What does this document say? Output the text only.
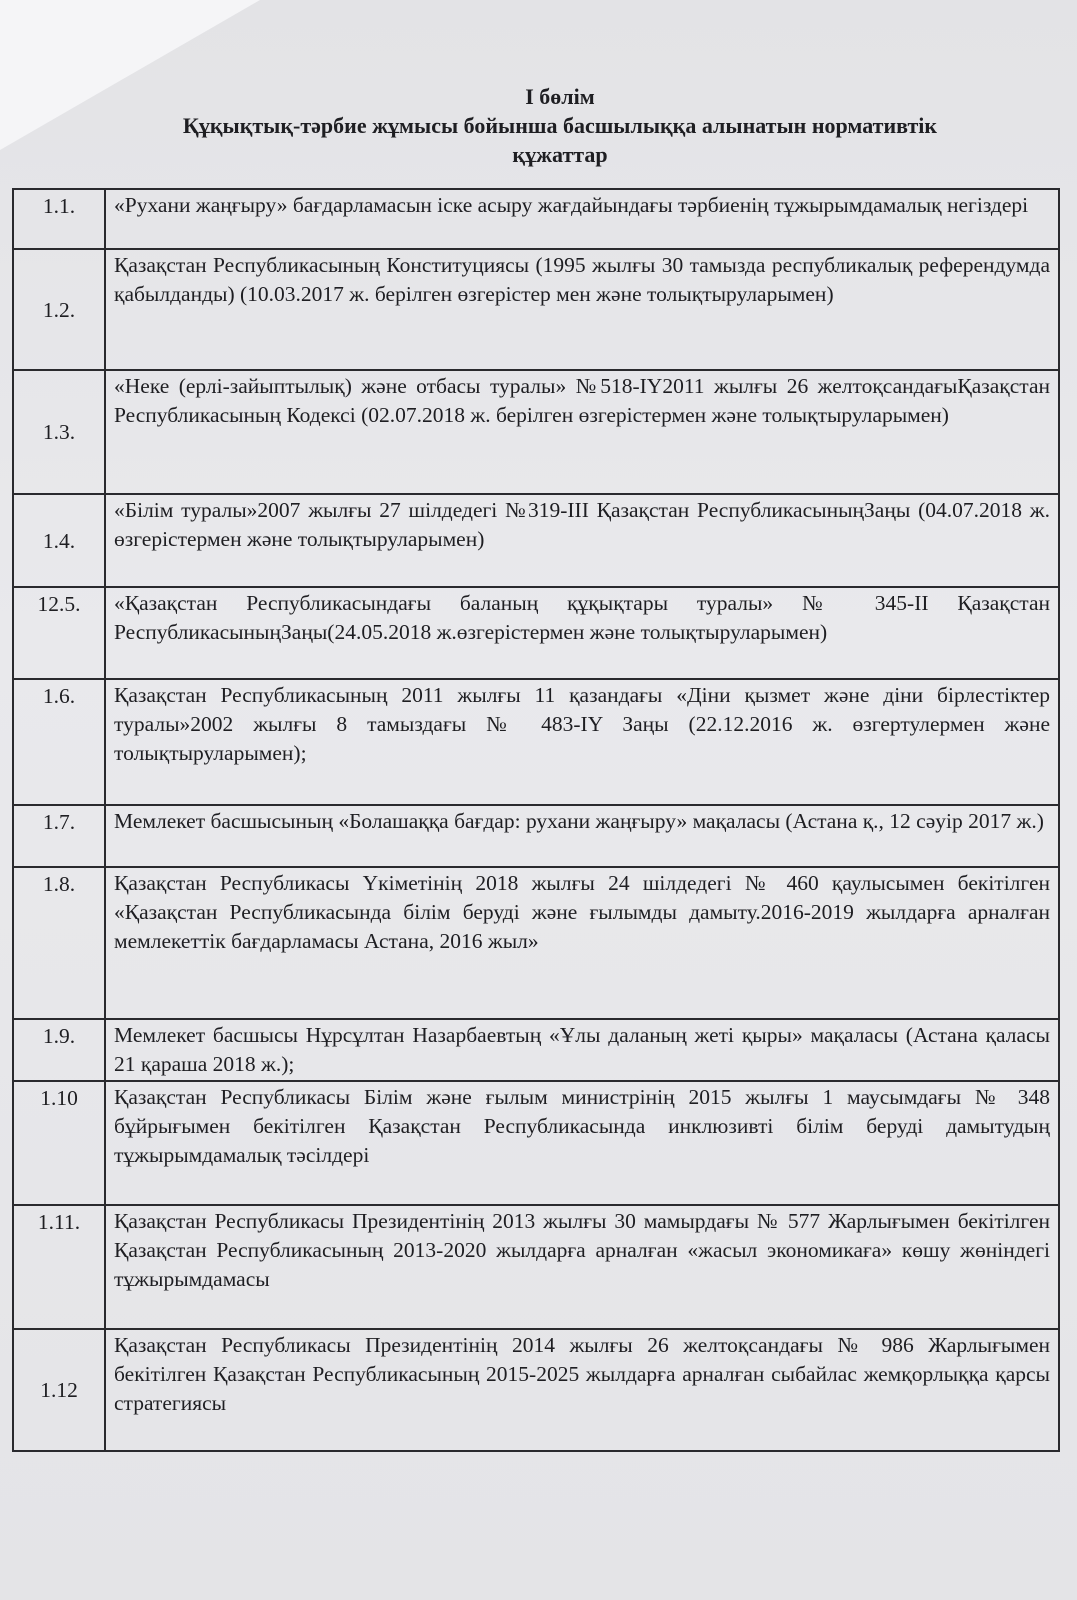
I бөлім
Құқықтық-тәрбие жұмысы бойынша басшылыққа алынатын нормативтік
құжаттар
1.1.	«Рухани жаңғыру» бағдарламасын іске асыру жағдайындағы тәрбиенің тұжырымдамалық негіздері
1.2.	Қазақстан Республикасының Конституциясы (1995 жылғы 30 тамызда республикалық референдумда қабылданды) (10.03.2017 ж. берілген өзгерістер мен және толықтыруларымен)
1.3.	«Неке (ерлі-зайыптылық) және отбасы туралы» №518-IY2011 жылғы 26 желтоқсандағыҚазақстан Республикасының Кодексі (02.07.2018 ж. берілген өзгерістермен және толықтыруларымен)
1.4.	«Білім туралы»2007 жылғы 27 шілдедегі №319-ІІІ Қазақстан РеспубликасыныңЗаңы (04.07.2018 ж. өзгерістермен және толықтыруларымен)
12.5.	«Қазақстан Республикасындағы баланың құқықтары туралы» № 345-ІІ Қазақстан РеспубликасыныңЗаңы(24.05.2018 ж.өзгерістермен және толықтыруларымен)
1.6.	Қазақстан Республикасының 2011 жылғы 11 қазандағы «Діни қызмет және діни бірлестіктер туралы»2002 жылғы 8 тамыздағы № 483-IY Заңы (22.12.2016 ж. өзгертулермен және толықтыруларымен);
1.7.	Мемлекет басшысының «Болашаққа бағдар: рухани жаңғыру» мақаласы (Астана қ., 12 сәуір 2017 ж.)
1.8.	Қазақстан Республикасы Үкіметінің 2018 жылғы 24 шілдедегі № 460 қаулысымен бекітілген «Қазақстан Республикасында білім беруді және ғылымды дамыту.2016-2019 жылдарға арналған мемлекеттік бағдарламасы Астана, 2016 жыл»
1.9.	Мемлекет басшысы Нұрсұлтан Назарбаевтың «Ұлы даланың жеті қыры» мақаласы (Астана қаласы 21 қараша 2018 ж.);
1.10	Қазақстан Республикасы Білім және ғылым министрінің 2015 жылғы 1 маусымдағы № 348 бұйрығымен бекітілген Қазақстан Республикасында инклюзивті білім беруді дамытудың тұжырымдамалық тәсілдері
1.11.	Қазақстан Республикасы Президентінің 2013 жылғы 30 мамырдағы № 577 Жарлығымен бекітілген Қазақстан Республикасының 2013-2020 жылдарға арналған «жасыл экономикаға» көшу жөніндегі тұжырымдамасы
1.12	Қазақстан Республикасы Президентінің 2014 жылғы 26 желтоқсандағы № 986 Жарлығымен бекітілген Қазақстан Республикасының 2015-2025 жылдарға арналған сыбайлас жемқорлыққа қарсы стратегиясы
